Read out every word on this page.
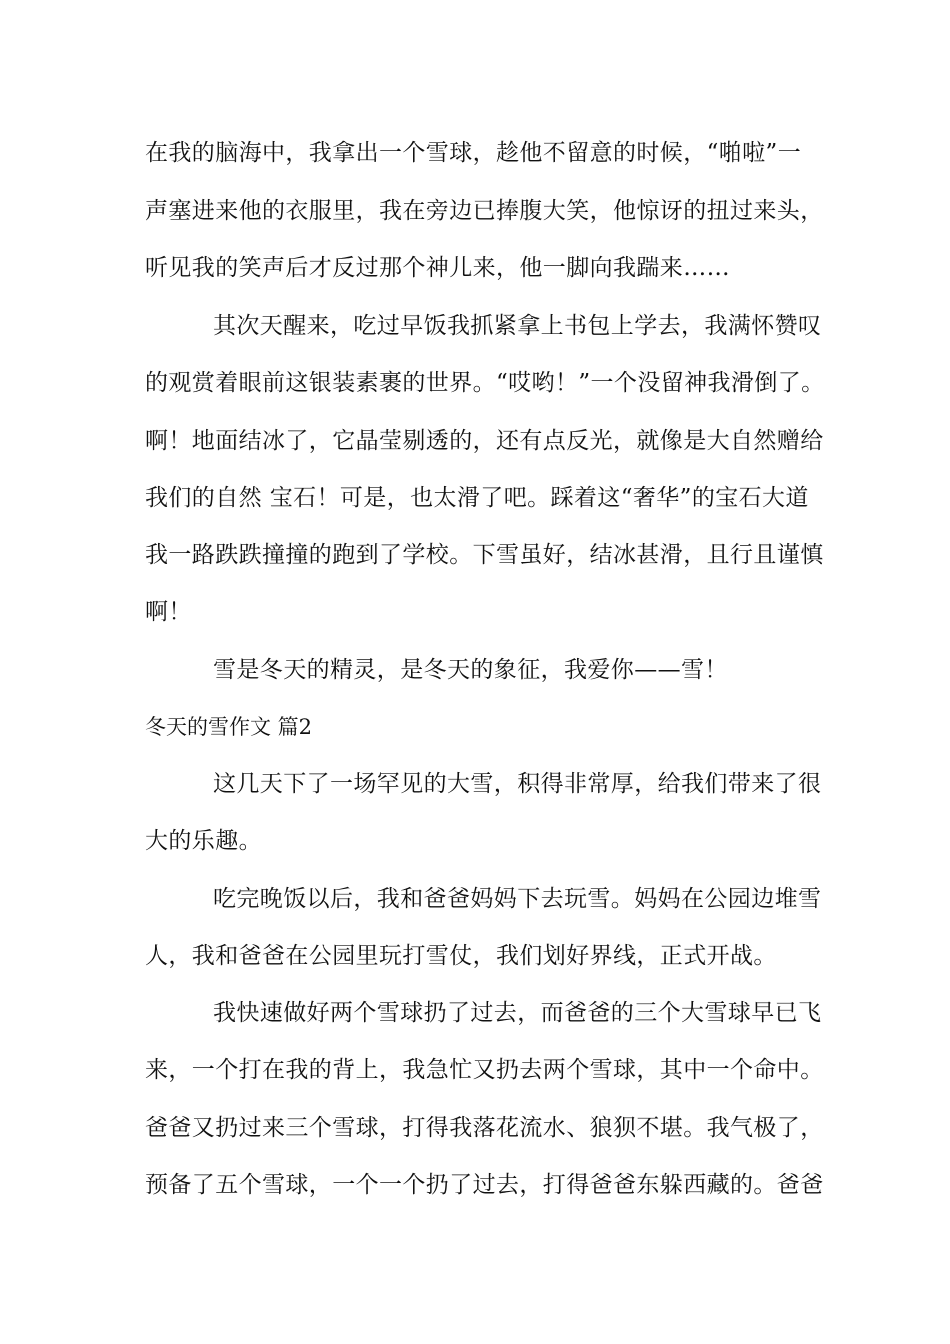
在我的脑海中，我拿出一个雪球，趁他不留意的时候，“啪啦”一

声塞进来他的衣服里，我在旁边已捧腹大笑，他惊讶的扭过来头，

听见我的笑声后才反过那个神儿来，他一脚向我踹来……

其次天醒来，吃过早饭我抓紧拿上书包上学去，我满怀赞叹

的观赏着眼前这银装素裹的世界。“哎哟！”一个没留神我滑倒了。

啊！地面结冰了，它晶莹剔透的，还有点反光，就像是大自然赠给

我们的自然 宝石！可是，也太滑了吧。踩着这“奢华”的宝石大道

我一路跌跌撞撞的跑到了学校。下雪虽好，结冰甚滑，且行且谨慎

啊！

雪是冬天的精灵，是冬天的象征，我爱你——雪！

冬天的雪作文 篇2

这几天下了一场罕见的大雪，积得非常厚，给我们带来了很

大的乐趣。

吃完晚饭以后，我和爸爸妈妈下去玩雪。妈妈在公园边堆雪

人，我和爸爸在公园里玩打雪仗，我们划好界线，正式开战。

我快速做好两个雪球扔了过去，而爸爸的三个大雪球早已飞

来，一个打在我的背上，我急忙又扔去两个雪球，其中一个命中。

爸爸又扔过来三个雪球，打得我落花流水、狼狈不堪。我气极了，

预备了五个雪球，一个一个扔了过去，打得爸爸东躲西藏的。爸爸
